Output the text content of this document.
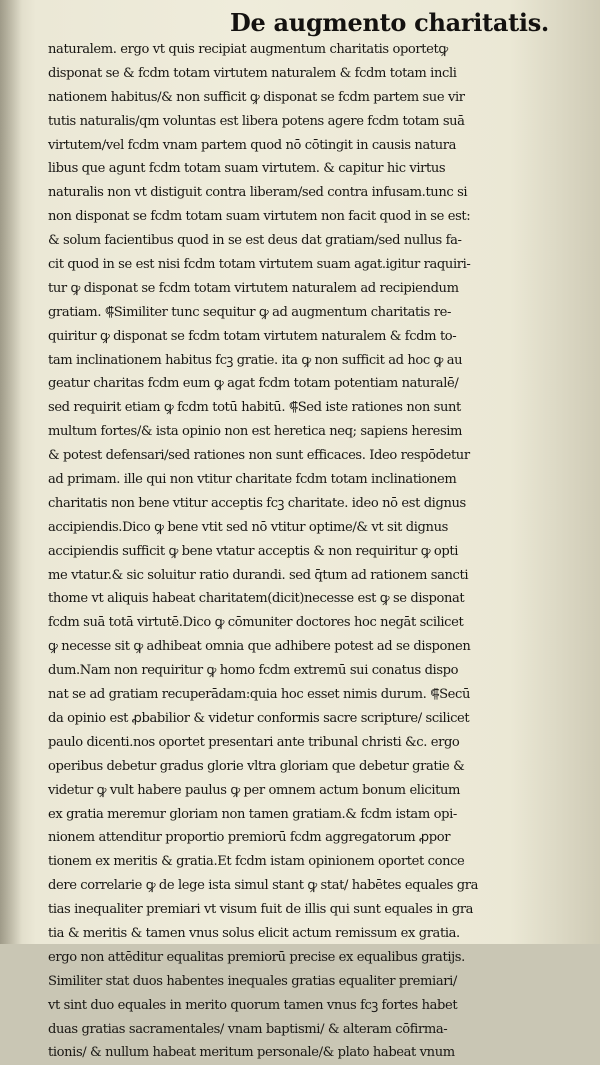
De augmento charitatis.
naturalem. ergo vt quis recipiat augmentum charitatis oportetꝙ
disponat se & fcdm totam virtutem naturalem & fcdm totam incli
nationem habitus/& non sufficit ꝙ disponat se fcdm partem sue vir
tutis naturalis/qm voluntas est libera potens agere fcdm totam suā
virtutem/vel fcdm vnam partem quod nō cōtingit in causis natura
libus que agunt fcdm totam suam virtutem. & capitur hic virtus
naturalis non vt distiguit contra liberam/sed contra infusam.tunc si
non disponat se fcdm totam suam virtutem non facit quod in se est:
& solum facientibus quod in se est deus dat gratiam/sed nullus fa-
cit quod in se est nisi fcdm totam virtutem suam agat.igitur raquiri-
tur ꝙ disponat se fcdm totam virtutem naturalem ad recipiendum
gratiam. ⸿Similiter tunc sequitur ꝙ ad augmentum charitatis re-
quiritur ꝙ disponat se fcdm totam virtutem naturalem & fcdm to-
tam inclinationem habitus fcꝫ gratie. ita ꝙ non sufficit ad hoc ꝙ au
geatur charitas fcdm eum ꝙ agat fcdm totam potentiam naturalē/
sed requirit etiam ꝙ fcdm totū habitū. ⸿Sed iste rationes non sunt
multum fortes/& ista opinio non est heretica neq; sapiens heresim
& potest defensari/sed rationes non sunt efficaces. Ideo respōdetur
ad primam. ille qui non vtitur charitate fcdm totam inclinationem
charitatis non bene vtitur acceptis fcꝫ charitate. ideo nō est dignus
accipiendis.Dico ꝙ bene vtit sed nō vtitur optime/& vt sit dignus
accipiendis sufficit ꝙ bene vtatur acceptis & non requiritur ꝙ opti
me vtatur.& sic soluitur ratio durandi. sed q̄tum ad rationem sancti
thome vt aliquis habeat charitatem(dicit)necesse est ꝙ se disponat
fcdm suā totā virtutē.Dico ꝙ cōmuniter doctores hoc negāt scilicet
ꝙ necesse sit ꝙ adhibeat omnia que adhibere potest ad se disponen
dum.Nam non requiritur ꝙ homo fcdm extremū sui conatus dispo
nat se ad gratiam recuperādam:quia hoc esset nimis durum. ⸿Secū
da opinio est ꝓbabilior & videtur conformis sacre scripture/ scilicet
paulo dicenti.nos oportet presentari ante tribunal christi &c. ergo
operibus debetur gradus glorie vltra gloriam que debetur gratie &
videtur ꝙ vult habere paulus ꝙ per omnem actum bonum elicitum
ex gratia meremur gloriam non tamen gratiam.& fcdm istam opi-
nionem attenditur proportio premiorū fcdm aggregatorum ꝓpor
tionem ex meritis & gratia.Et fcdm istam opinionem oportet conce
dere correlarie ꝙ de lege ista simul stant ꝙ stat/ habētes equales gra
tias inequaliter premiari vt visum fuit de illis qui sunt equales in gra
tia & meritis & tamen vnus solus elicit actum remissum ex gratia.
ergo non attēditur equalitas premiorū precise ex equalibus gratijs.
Similiter stat duos habentes inequales gratias equaliter premiari/
vt sint duo equales in merito quorum tamen vnus fcꝫ fortes habet
duas gratias sacramentales/ vnam baptismi/ & alteram cōfirma-
tionis/ & nullum habeat meritum personale/& plato habeat vnum
